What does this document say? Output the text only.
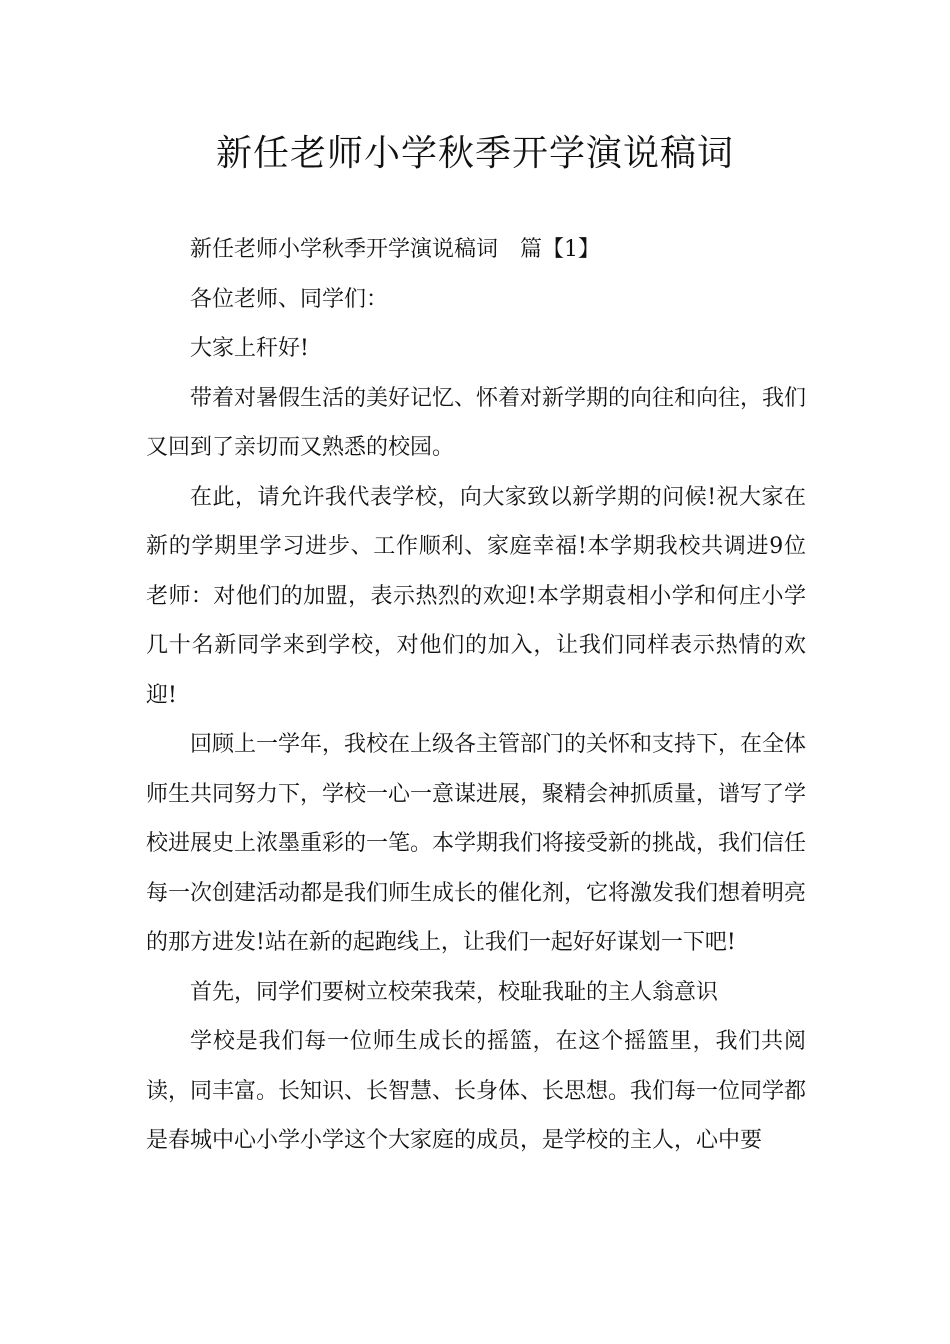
新任老师小学秋季开学演说稿词

新任老师小学秋季开学演说稿词　篇【1】

各位老师、同学们：

大家上秆好!

带着对暑假生活的美好记忆、怀着对新学期的向往和向往，我们又回到了亲切而又熟悉的校园。

在此，请允许我代表学校，向大家致以新学期的问候!祝大家在新的学期里学习进步、工作顺利、家庭幸福!本学期我校共调进9位老师：对他们的加盟，表示热烈的欢迎!本学期袁相小学和何庄小学几十名新同学来到学校，对他们的加入，让我们同样表示热情的欢迎!

回顾上一学年，我校在上级各主管部门的关怀和支持下，在全体师生共同努力下，学校一心一意谋进展，聚精会神抓质量，谱写了学校进展史上浓墨重彩的一笔。本学期我们将接受新的挑战，我们信任每一次创建活动都是我们师生成长的催化剂，它将激发我们想着明亮的那方进发!站在新的起跑线上，让我们一起好好谋划一下吧!

首先，同学们要树立校荣我荣，校耻我耻的主人翁意识

学校是我们每一位师生成长的摇篮，在这个摇篮里，我们共阅读，同丰富。长知识、长智慧、长身体、长思想。我们每一位同学都是春城中心小学小学这个大家庭的成员，是学校的主人，心中要
